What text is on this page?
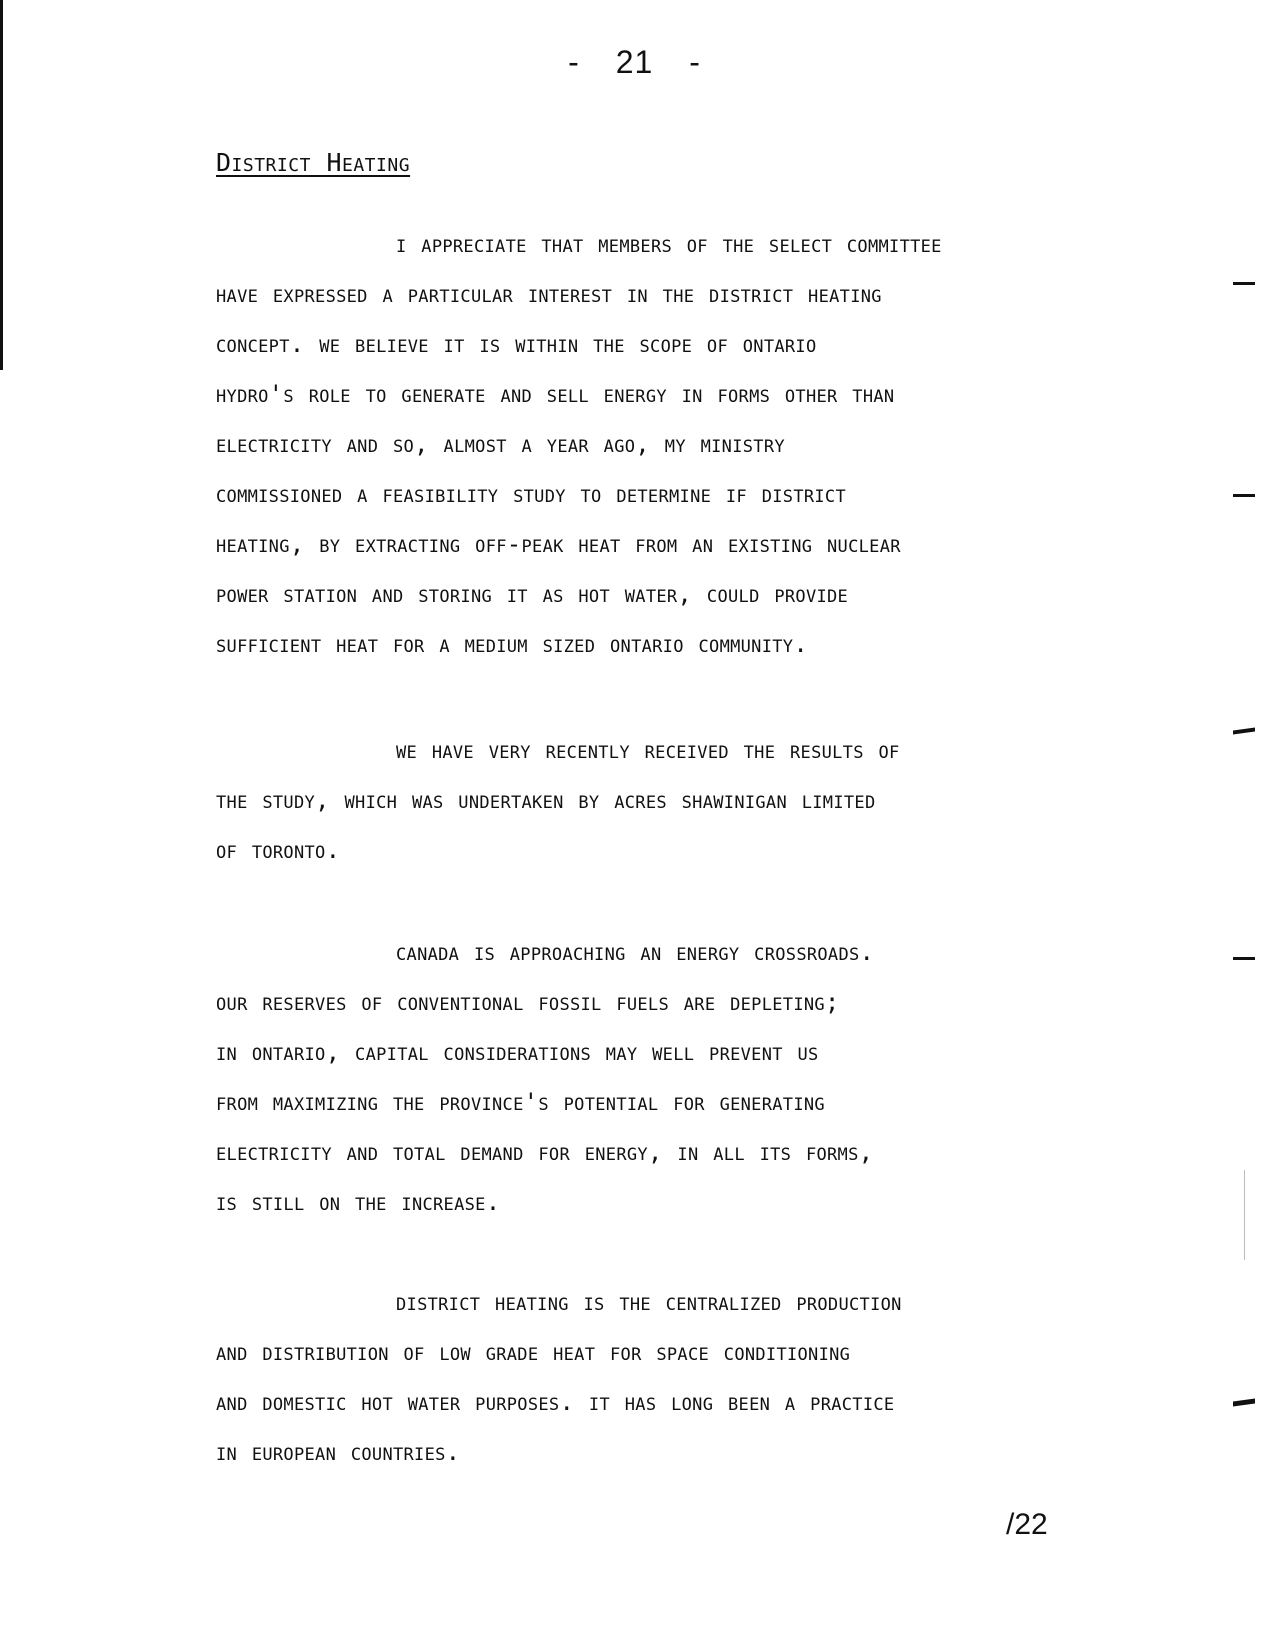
- 21 -
District Heating

i appreciate that members of the select committee
have expressed a particular interest in the district heating
concept. we believe it is within the scope of ontario
hydro's role to generate and sell energy in forms other than
electricity and so, almost a year ago, my ministry
commissioned a feasibility study to determine if district
heating, by extracting off-peak heat from an existing nuclear
power station and storing it as hot water, could provide
sufficient heat for a medium sized ontario community.

we have very recently received the results of
the study, which was undertaken by acres shawinigan limited
of toronto.

canada is approaching an energy crossroads.
our reserves of conventional fossil fuels are depleting;
in ontario, capital considerations may well prevent us
from maximizing the province's potential for generating
electricity and total demand for energy, in all its forms,
is still on the increase.

district heating is the centralized production
and distribution of low grade heat for space conditioning
and domestic hot water purposes. it has long been a practice
in european countries.

/22
